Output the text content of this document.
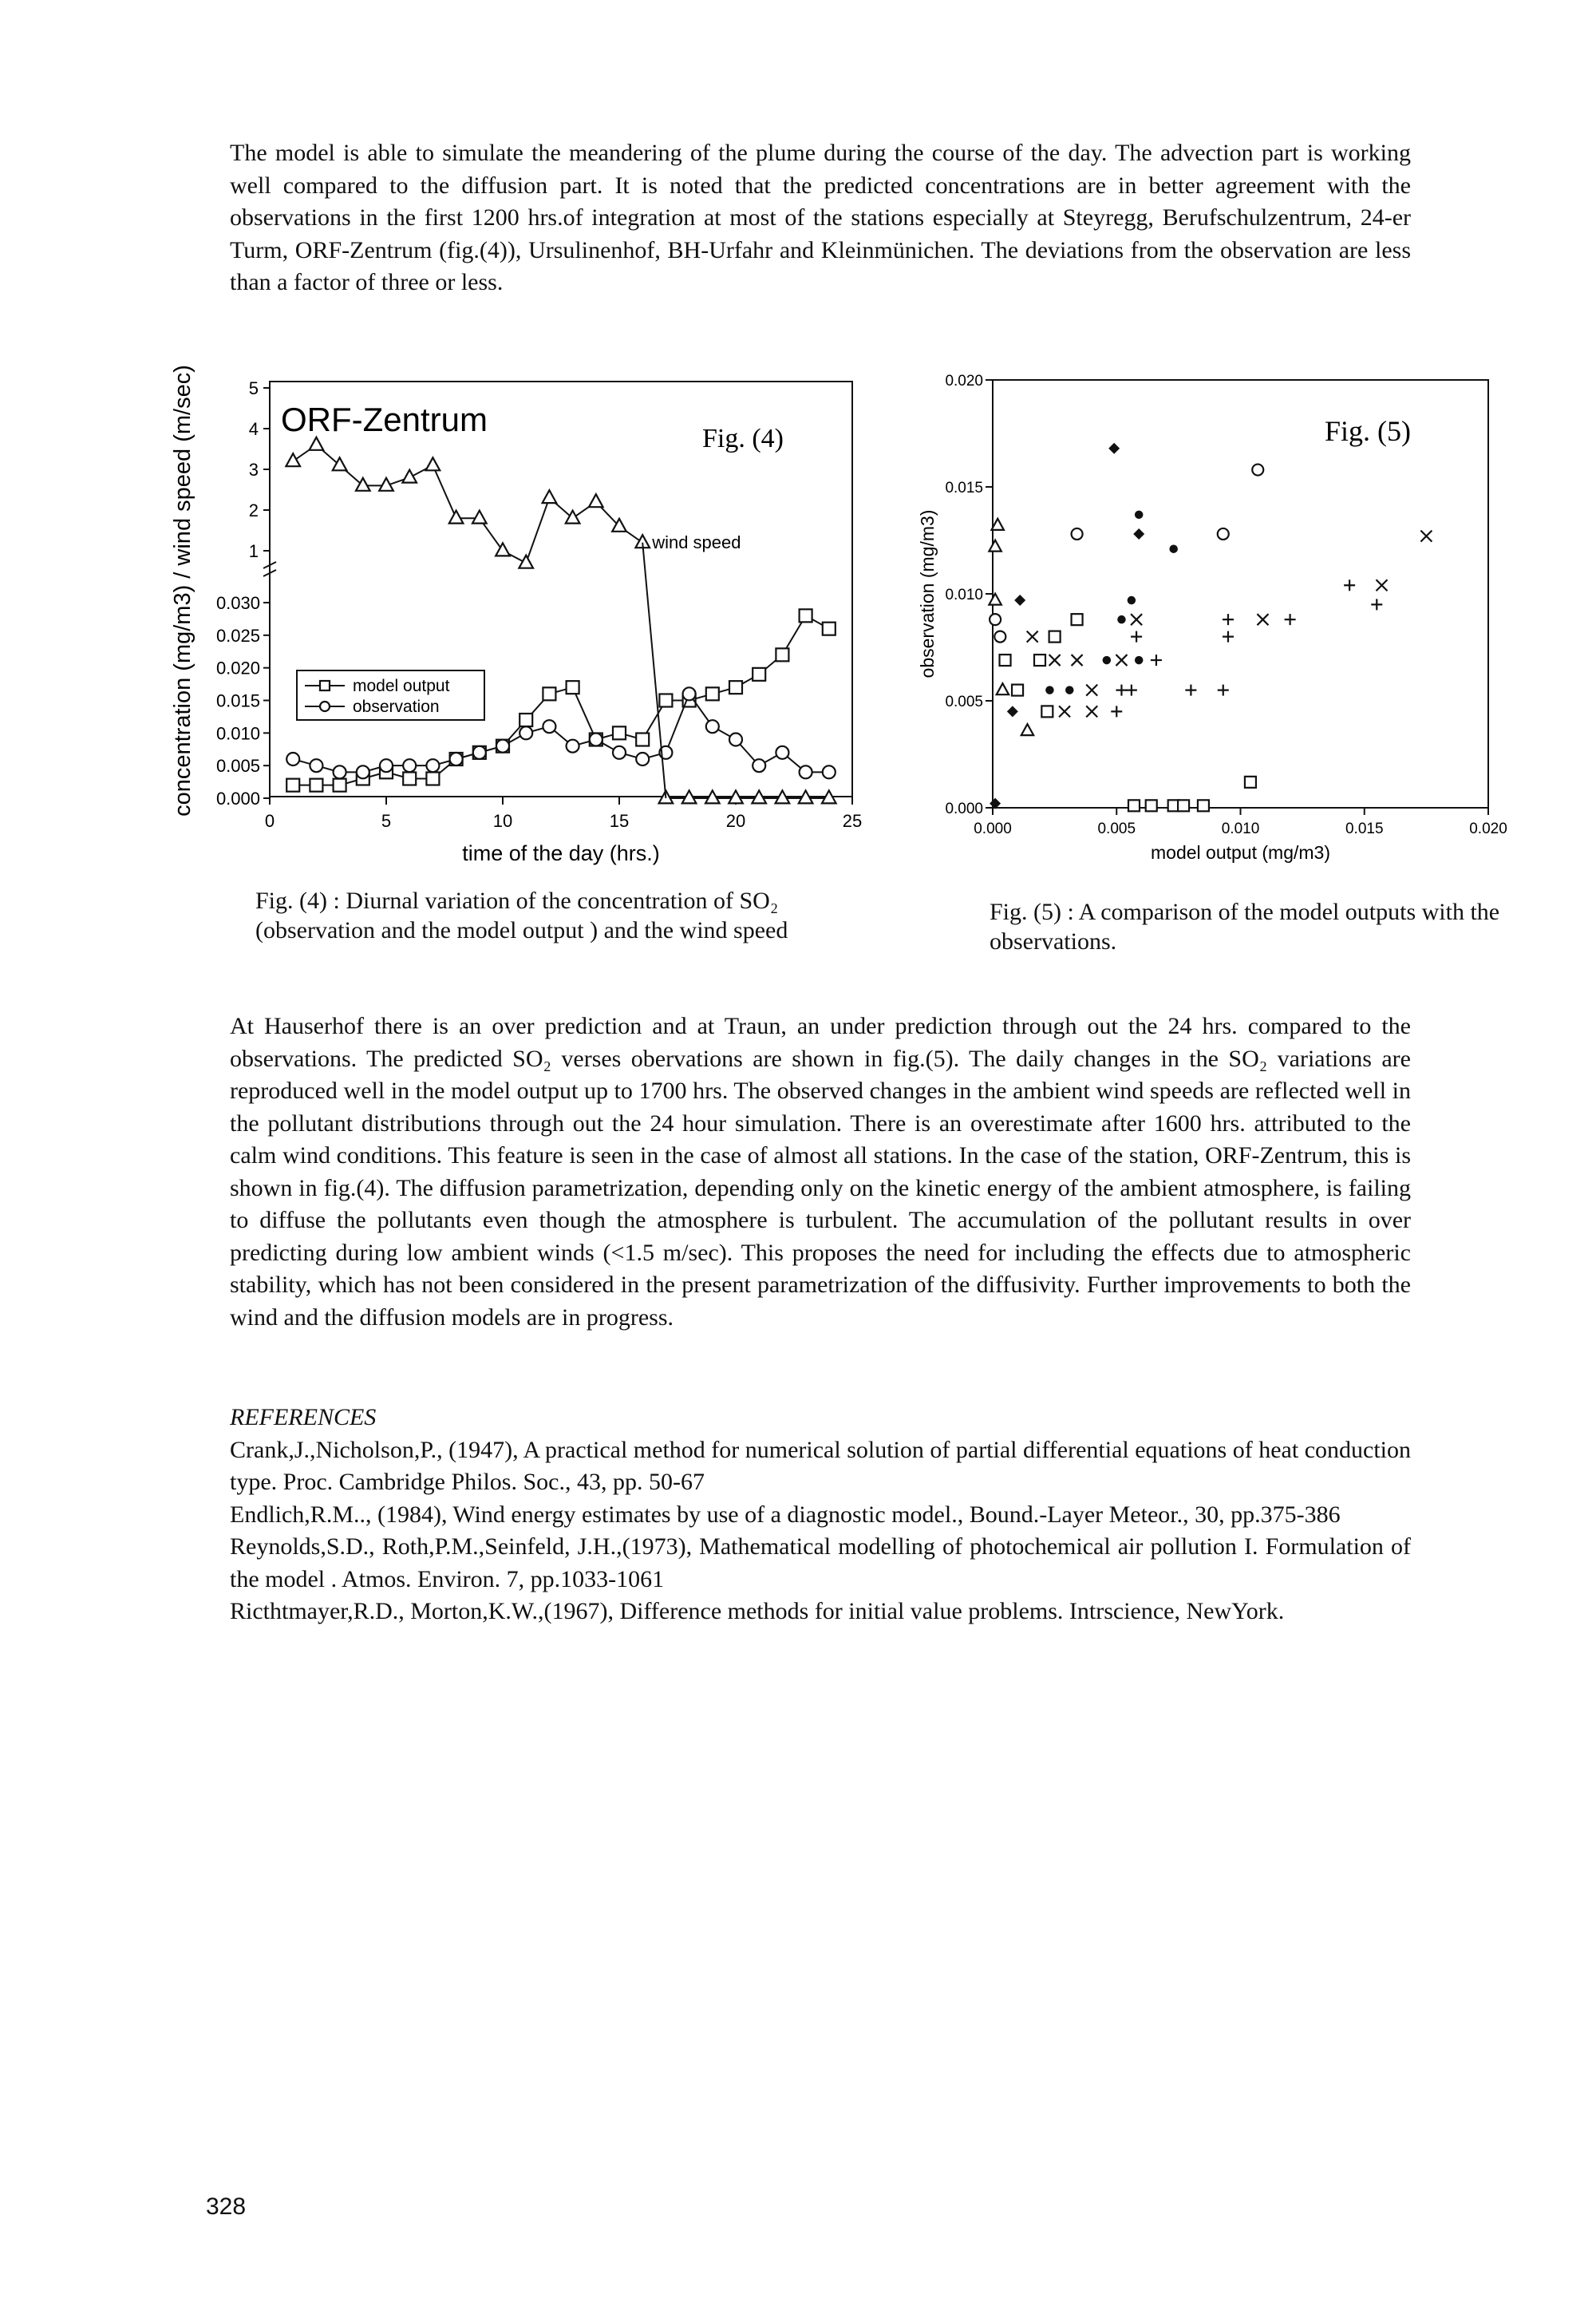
The model is able to simulate the meandering of the plume during the course of the day. The advection part is working well compared to the diffusion part. It is noted that the predicted concentrations are in better agreement with the observations in the first 1200 hrs.of integration at most of the stations especially at Steyregg, Berufschulzentrum, 24-er Turm, ORF-Zentrum (fig.(4)), Ursulinenhof, BH-Urfahr and Kleinmünichen. The deviations from the observation are less than a factor of three or less.

0	5	10	15	20	25
0.000
0.005
0.010
0.015
0.020
0.025
0.030
1
2
3
4
5
wind speed
ORF-Zentrum
Fig. (4)
model output
observation
time of the day (hrs.)
concentration (mg/m3) / wind speed (m/sec)
0.000	0.005	0.010	0.015	0.020
0.000
0.005
0.010
0.015
0.020
Fig. (5)
model output (mg/m3)
observation (mg/m3)

Fig. (4) : Diurnal variation of the concentration of SO₂ (observation and the model output ) and the wind speed

Fig. (5) : A comparison of the model outputs with the observations.

At Hauserhof there is an over prediction and at Traun, an under prediction through out the 24 hrs. compared to the observations. The predicted SO₂ verses obervations are shown in fig.(5). The daily changes in the SO₂ variations are reproduced well in the model output up to 1700 hrs. The observed changes in the ambient wind speeds are reflected well in the pollutant distributions through out the 24 hour simulation. There is an overestimate after 1600 hrs. attributed to the calm wind conditions. This feature is seen in the case of almost all stations. In the case of the station, ORF-Zentrum, this is shown in fig.(4). The diffusion parametrization, depending only on the kinetic energy of the ambient atmosphere, is failing to diffuse the pollutants even though the atmosphere is turbulent. The accumulation of the pollutant results in over predicting during low ambient winds (<1.5 m/sec). This proposes the need for including the effects due to atmospheric stability, which has not been considered in the present parametrization of the diffusivity. Further improvements to both the wind and the diffusion models are in progress.

REFERENCES

Crank,J.,Nicholson,P., (1947), A practical method for numerical solution of partial differential equations of heat conduction type. Proc. Cambridge Philos. Soc., 43, pp. 50-67

Endlich,R.M.., (1984), Wind energy estimates by use of a diagnostic model., Bound.-Layer Meteor., 30, pp.375-386

Reynolds,S.D., Roth,P.M.,Seinfeld, J.H.,(1973), Mathematical modelling of photochemical air pollution I. Formulation of the model . Atmos. Environ. 7, pp.1033-1061

Ricthtmayer,R.D., Morton,K.W.,(1967), Difference methods for initial value problems. Intrscience, NewYork.

328
